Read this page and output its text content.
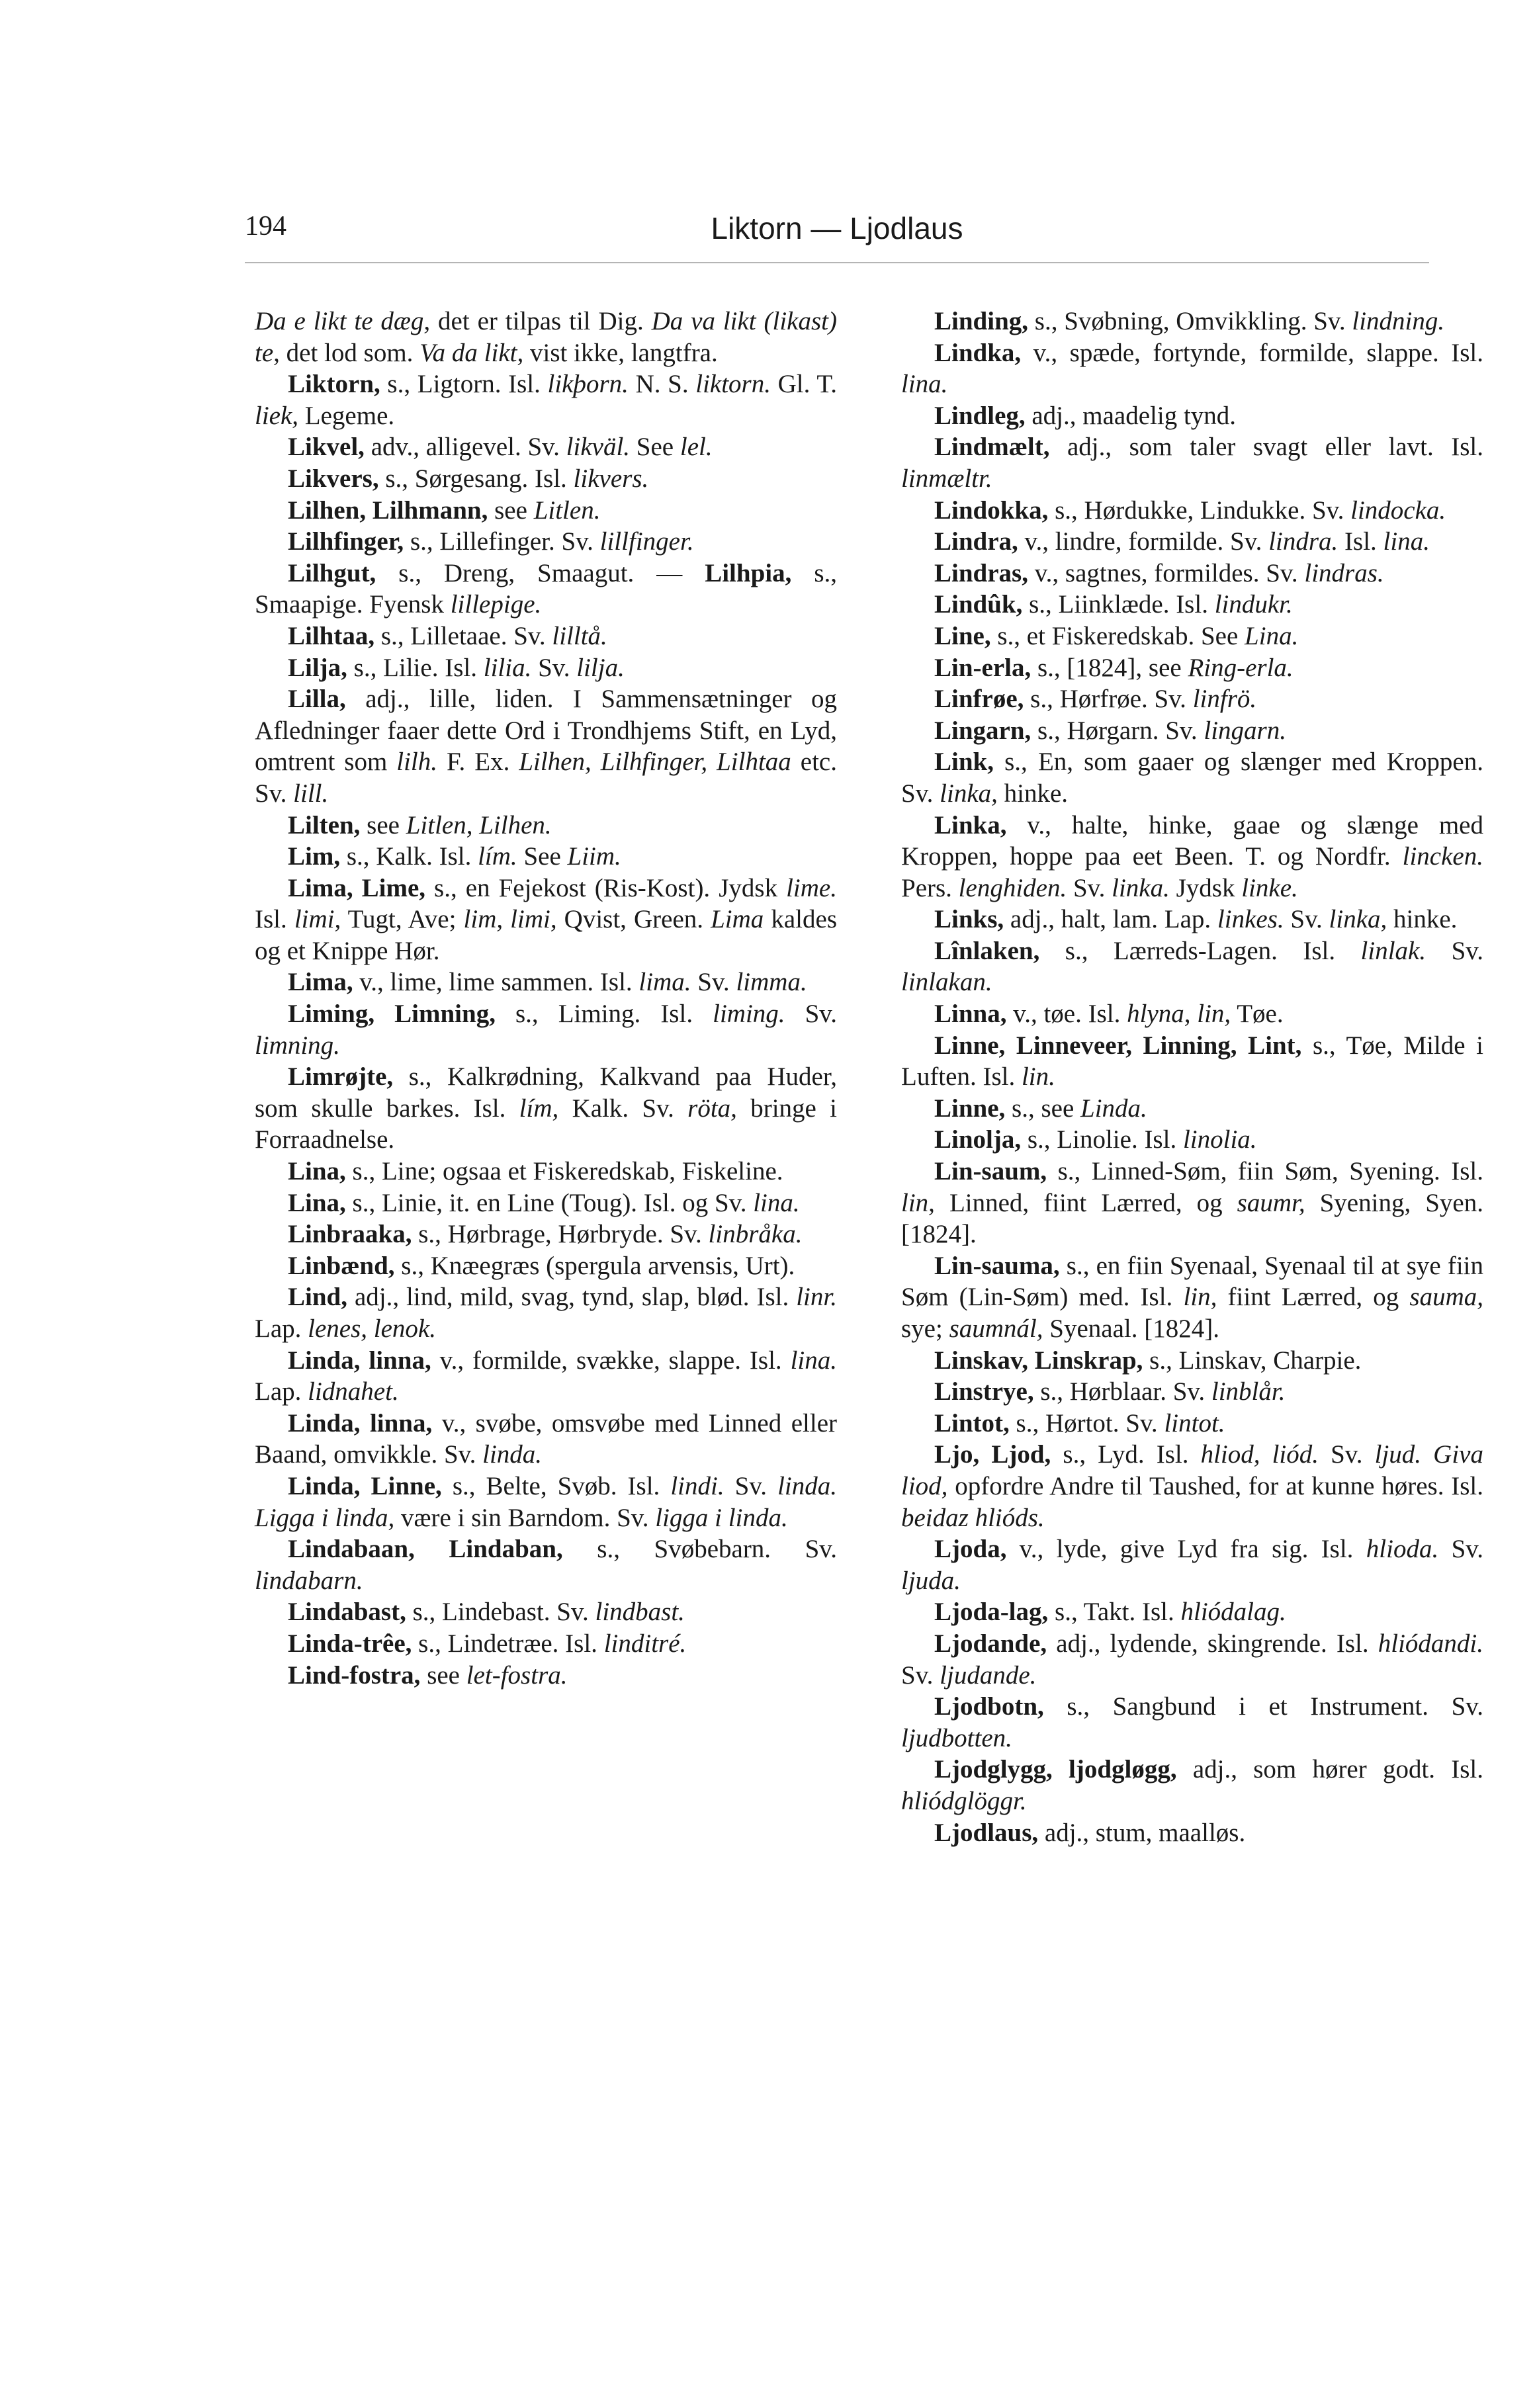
194	Liktorn — Ljodlaus

Da e likt te dæg, det er tilpas til Dig. Da va likt (likast) te, det lod som. Va da likt, vist ikke, langtfra.

Liktorn, s., Ligtorn. Isl. likþorn. N. S. liktorn. Gl. T. liek, Legeme.

Likvel, adv., alligevel. Sv. likväl. See lel.

Likvers, s., Sørgesang. Isl. likvers.

Lilhen, Lilhmann, see Litlen.

Lilhfinger, s., Lillefinger. Sv. lillfinger.

Lilhgut, s., Dreng, Smaagut. — Lilhpia, s., Smaapige. Fyensk lillepige.

Lilhtaa, s., Lilletaae. Sv. lilltå.

Lilja, s., Lilie. Isl. lilia. Sv. lilja.

Lilla, adj., lille, liden. I Sammensætninger og Afledninger faaer dette Ord i Trondhjems Stift, en Lyd, omtrent som lilh. F. Ex. Lilhen, Lilhfinger, Lilhtaa etc. Sv. lill.

Lilten, see Litlen, Lilhen.

Lim, s., Kalk. Isl. lím. See Liim.

Lima, Lime, s., en Fejekost (Ris-Kost). Jydsk lime. Isl. limi, Tugt, Ave; lim, limi, Qvist, Green. Lima kaldes og et Knippe Hør.

Lima, v., lime, lime sammen. Isl. lima. Sv. limma.

Liming, Limning, s., Liming. Isl. liming. Sv. limning.

Limrøjte, s., Kalkrødning, Kalkvand paa Huder, som skulle barkes. Isl. lím, Kalk. Sv. röta, bringe i Forraadnelse.

Lina, s., Line; ogsaa et Fiskeredskab, Fiskeline.

Lina, s., Linie, it. en Line (Toug). Isl. og Sv. lina.

Linbraaka, s., Hørbrage, Hørbryde. Sv. linbråka.

Linbænd, s., Knæegræs (spergula arvensis, Urt).

Lind, adj., lind, mild, svag, tynd, slap, blød. Isl. linr. Lap. lenes, lenok.

Linda, linna, v., formilde, svække, slappe. Isl. lina. Lap. lidnahet.

Linda, linna, v., svøbe, omsvøbe med Linned eller Baand, omvikkle. Sv. linda.

Linda, Linne, s., Belte, Svøb. Isl. lindi. Sv. linda. Ligga i linda, være i sin Barndom. Sv. ligga i linda.

Lindabaan, Lindaban, s., Svøbebarn. Sv. lindabarn.

Lindabast, s., Lindebast. Sv. lindbast.

Linda-trêe, s., Lindetræe. Isl. linditré.

Lind-fostra, see let-fostra.

Linding, s., Svøbning, Omvikkling. Sv. lindning.

Lindka, v., spæde, fortynde, formilde, slappe. Isl. lina.

Lindleg, adj., maadelig tynd.

Lindmælt, adj., som taler svagt eller lavt. Isl. linmæltr.

Lindokka, s., Hørdukke, Lindukke. Sv. lindocka.

Lindra, v., lindre, formilde. Sv. lindra. Isl. lina.

Lindras, v., sagtnes, formildes. Sv. lindras.

Lindûk, s., Liinklæde. Isl. lindukr.

Line, s., et Fiskeredskab. See Lina.

Lin-erla, s., [1824], see Ring-erla.

Linfrøe, s., Hørfrøe. Sv. linfrö.

Lingarn, s., Hørgarn. Sv. lingarn.

Link, s., En, som gaaer og slænger med Kroppen. Sv. linka, hinke.

Linka, v., halte, hinke, gaae og slænge med Kroppen, hoppe paa eet Been. T. og Nordfr. lincken. Pers. lenghiden. Sv. linka. Jydsk linke.

Links, adj., halt, lam. Lap. linkes. Sv. linka, hinke.

Lînlaken, s., Lærreds-Lagen. Isl. linlak. Sv. linlakan.

Linna, v., tøe. Isl. hlyna, lin, Tøe.

Linne, Linneveer, Linning, Lint, s., Tøe, Milde i Luften. Isl. lin.

Linne, s., see Linda.

Linolja, s., Linolie. Isl. linolia.

Lin-saum, s., Linned-Søm, fiin Søm, Syening. Isl. lin, Linned, fiint Lærred, og saumr, Syening, Syen. [1824].

Lin-sauma, s., en fiin Syenaal, Syenaal til at sye fiin Søm (Lin-Søm) med. Isl. lin, fiint Lærred, og sauma, sye; saumnál, Syenaal. [1824].

Linskav, Linskrap, s., Linskav, Charpie.

Linstrye, s., Hørblaar. Sv. linblår.

Lintot, s., Hørtot. Sv. lintot.

Ljo, Ljod, s., Lyd. Isl. hliod, liód. Sv. ljud. Giva liod, opfordre Andre til Taushed, for at kunne høres. Isl. beidaz hlióds.

Ljoda, v., lyde, give Lyd fra sig. Isl. hlioda. Sv. ljuda.

Ljoda-lag, s., Takt. Isl. hliódalag.

Ljodande, adj., lydende, skingrende. Isl. hliódandi. Sv. ljudande.

Ljodbotn, s., Sangbund i et Instrument. Sv. ljudbotten.

Ljodglygg, ljodgløgg, adj., som hører godt. Isl. hliódglöggr.

Ljodlaus, adj., stum, maalløs.
